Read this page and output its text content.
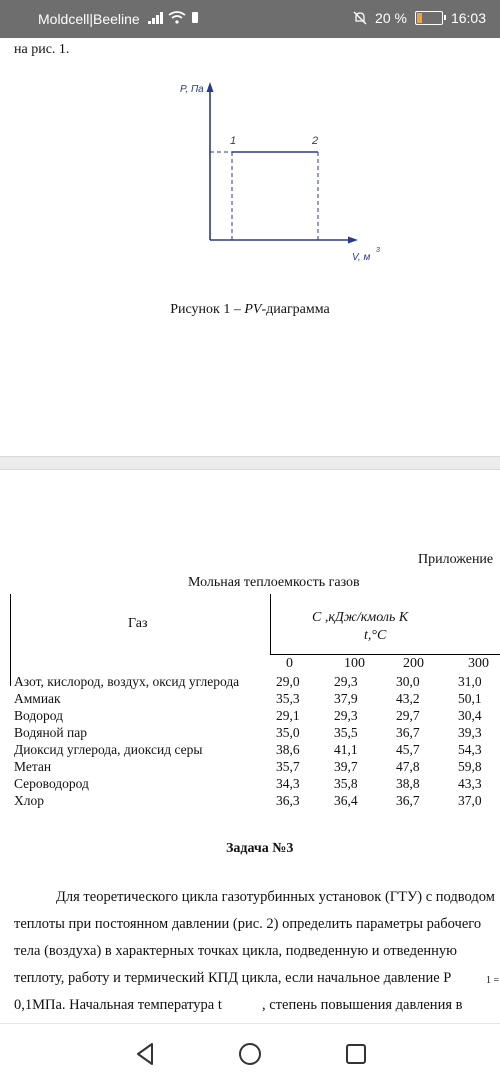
Moldcell|Beeline
	20 %	16:03
на рис. 1.
P, Па
V, м
3
1	2
Рисунок 1 – PV-диаграмма
Приложение
Мольная теплоемкость газов
Газ	С ,кДж/кмоль К
t,°C
0	100	200	300
Азот, кислород, воздух, оксид углерода	29,0	29,3	30,0	31,0
Аммиак	35,3	37,9	43,2	50,1
Водород	29,1	29,3	29,7	30,4
Водяной пар	35,0	35,5	36,7	39,3
Диоксид углерода, диоксид серы	38,6	41,1	45,7	54,3
Метан	35,7	39,7	47,8	59,8
Сероводород	34,3	35,8	38,8	43,3
Хлор	36,3	36,4	36,7	37,0
Задача №3
Для теоретического цикла газотурбинных установок (ГТУ) с подводом
теплоты при постоянном давлении (рис. 2) определить параметры рабочего
тела (воздуха) в характерных точках цикла, подведенную и отведенную
теплоту, работу и термический КПД цикла, если начальное давление P	1 =
0,1МПа. Начальная температура t	, степень повышения давления в
